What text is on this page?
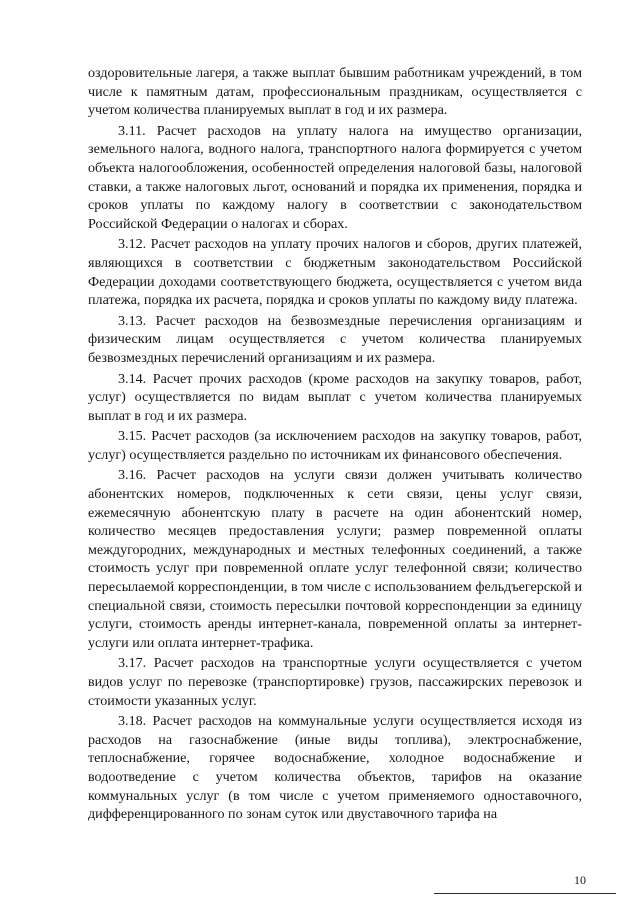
оздоровительные лагеря, а также выплат бывшим работникам учреждений, в том числе к памятным датам, профессиональным праздникам, осуществляется с учетом количества планируемых выплат в год и их размера.

3.11. Расчет расходов на уплату налога на имущество организации, земельного налога, водного налога, транспортного налога формируется с учетом объекта налогообложения, особенностей определения налоговой базы, налоговой ставки, а также налоговых льгот, оснований и порядка их применения, порядка и сроков уплаты по каждому налогу в соответствии с законодательством Российской Федерации о налогах и сборах.

3.12. Расчет расходов на уплату прочих налогов и сборов, других платежей, являющихся в соответствии с бюджетным законодательством Российской Федерации доходами соответствующего бюджета, осуществляется с учетом вида платежа, порядка их расчета, порядка и сроков уплаты по каждому виду платежа.

3.13. Расчет расходов на безвозмездные перечисления организациям и физическим лицам осуществляется с учетом количества планируемых безвозмездных перечислений организациям и их размера.

3.14. Расчет прочих расходов (кроме расходов на закупку товаров, работ, услуг) осуществляется по видам выплат с учетом количества планируемых выплат в год и их размера.

3.15. Расчет расходов (за исключением расходов на закупку товаров, работ, услуг) осуществляется раздельно по источникам их финансового обеспечения.

3.16. Расчет расходов на услуги связи должен учитывать количество абонентских номеров, подключенных к сети связи, цены услуг связи, ежемесячную абонентскую плату в расчете на один абонентский номер, количество месяцев предоставления услуги; размер повременной оплаты междугородних, международных и местных телефонных соединений, а также стоимость услуг при повременной оплате услуг телефонной связи; количество пересылаемой корреспонденции, в том числе с использованием фельдъегерской и специальной связи, стоимость пересылки почтовой корреспонденции за единицу услуги, стоимость аренды интернет-канала, повременной оплаты за интернет-услуги или оплата интернет-трафика.

3.17. Расчет расходов на транспортные услуги осуществляется с учетом видов услуг по перевозке (транспортировке) грузов, пассажирских перевозок и стоимости указанных услуг.

3.18. Расчет расходов на коммунальные услуги осуществляется исходя из расходов на газоснабжение (иные виды топлива), электроснабжение, теплоснабжение, горячее водоснабжение, холодное водоснабжение и водоотведение с учетом количества объектов, тарифов на оказание коммунальных услуг (в том числе с учетом применяемого одноставочного, дифференцированного по зонам суток или двуставочного тарифа на

10
